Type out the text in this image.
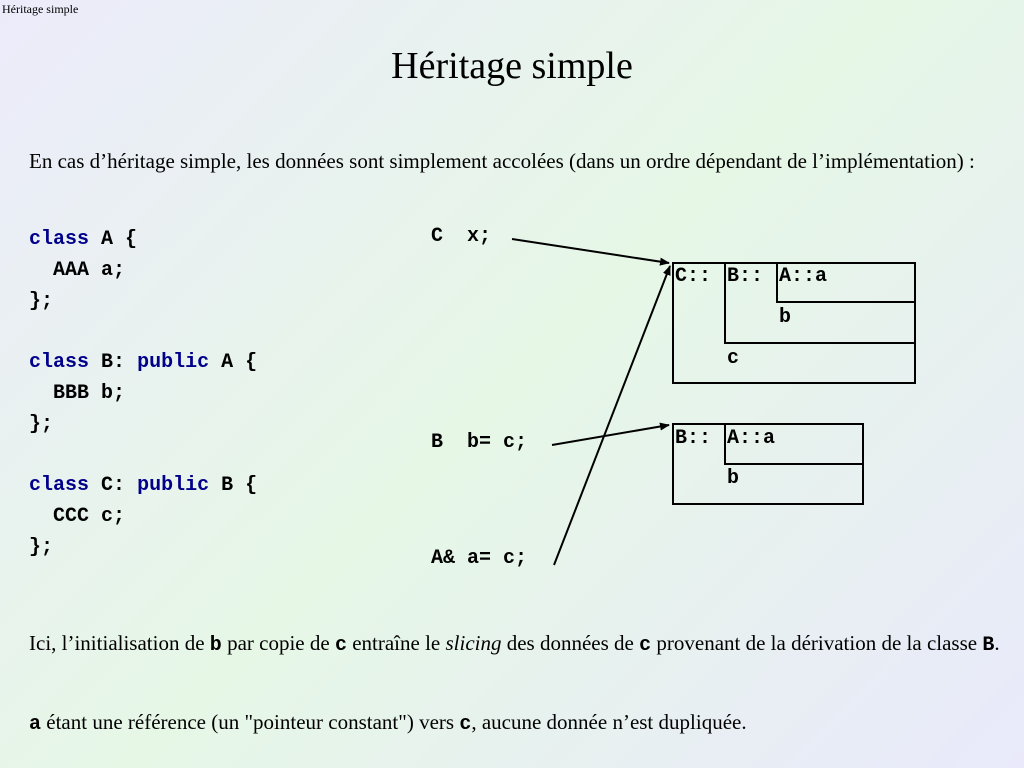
Héritage simple
Héritage simple
En cas d’héritage simple, les données sont simplement accolées (dans un ordre dépendant de l’implémentation) :
class A {
AAA a;
};

class B: public A {
BBB b;
};

class C: public B {
CCC c;
};
C  x;
B  b= c;
A& a= c;
C:: B:: A::a
b
c
B:: A::a
b
Ici, l’initialisation de b par copie de c entraîne le slicing des données de c provenant de la dérivation de la classe B.
a étant une référence (un "pointeur constant") vers c, aucune donnée n’est dupliquée.
